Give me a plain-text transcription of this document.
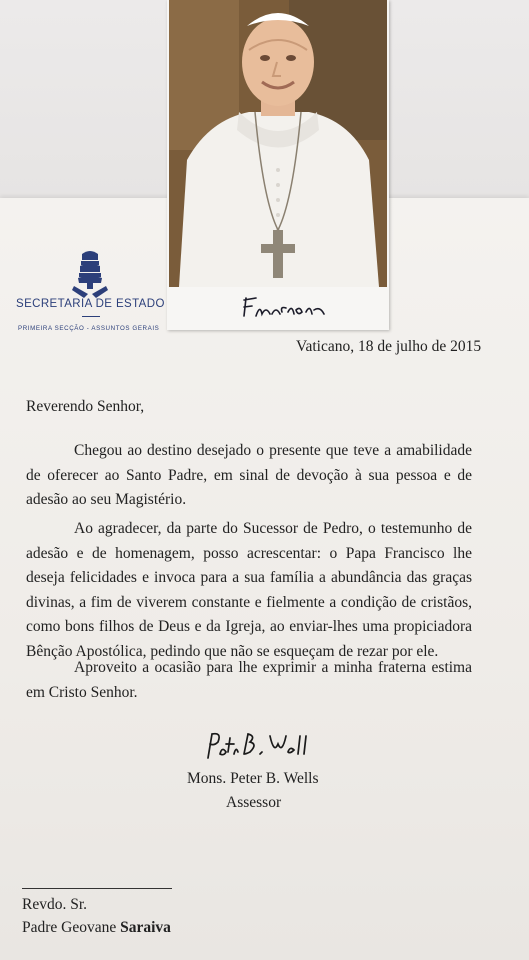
SECRETARIA DE ESTADO
PRIMEIRA SECÇÃO - ASSUNTOS GERAIS
Vaticano, 18 de julho de 2015
Reverendo Senhor,
Chegou ao destino desejado o presente que teve a amabilidade de oferecer ao Santo Padre, em sinal de devoção à sua pessoa e de adesão ao seu Magistério.
Ao agradecer, da parte do Sucessor de Pedro, o testemunho de adesão e de homenagem, posso acrescentar: o Papa Francisco lhe deseja felicidades e invoca para a sua família a abundância das graças divinas, a fim de viverem constante e fielmente a condição de cristãos, como bons filhos de Deus e da Igreja, ao enviar-lhes uma propiciadora Bênção Apostólica, pedindo que não se esqueçam de rezar por ele.
Aproveito a ocasião para lhe exprimir a minha fraterna estima em Cristo Senhor.
Mons. Peter B. Wells
Assessor
Revdo. Sr.
Padre Geovane Saraiva
